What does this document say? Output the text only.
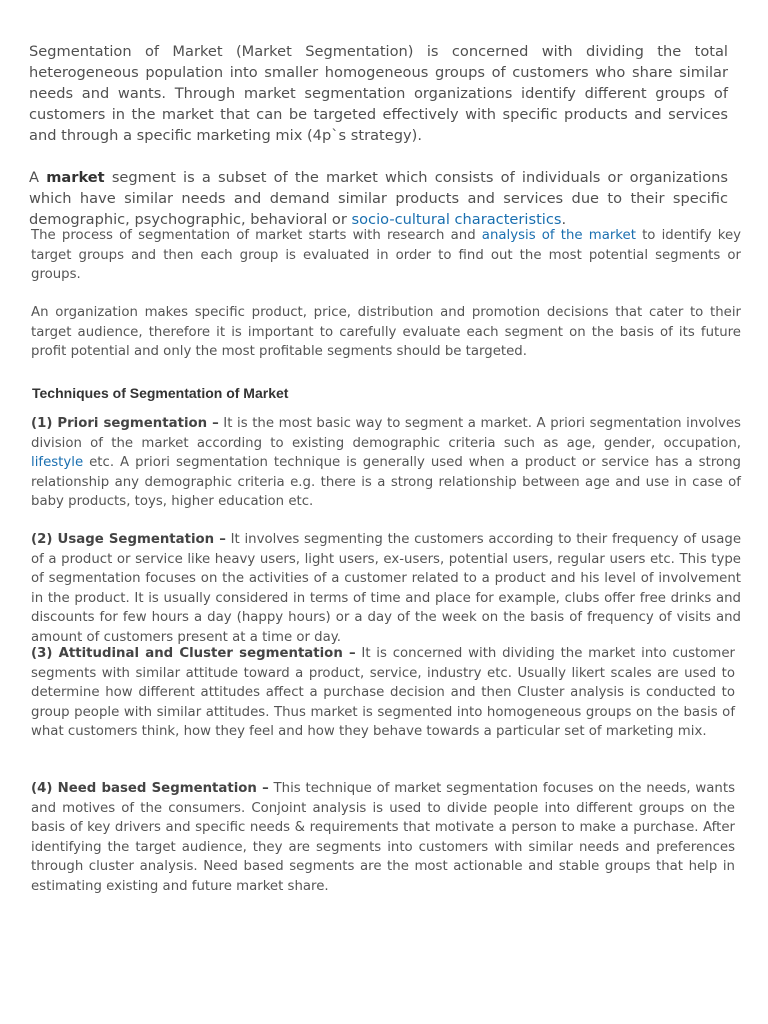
Segmentation of Market (Market Segmentation) is concerned with dividing the total heterogeneous population into smaller homogeneous groups of customers who share similar needs and wants. Through market segmentation organizations identify different groups of customers in the market that can be targeted effectively with specific products and services and through a specific marketing mix (4p`s strategy).

A market segment is a subset of the market which consists of individuals or organizations which have similar needs and demand similar products and services due to their specific demographic, psychographic, behavioral or socio-cultural characteristics.

The process of segmentation of market starts with research and analysis of the market to identify key target groups and then each group is evaluated in order to find out the most potential segments or groups.

An organization makes specific product, price, distribution and promotion decisions that cater to their target audience, therefore it is important to carefully evaluate each segment on the basis of its future profit potential and only the most profitable segments should be targeted.

Techniques of Segmentation of Market

(1) Priori segmentation – It is the most basic way to segment a market. A priori segmentation involves division of the market according to existing demographic criteria such as age, gender, occupation, lifestyle etc. A priori segmentation technique is generally used when a product or service has a strong relationship any demographic criteria e.g. there is a strong relationship between age and use in case of baby products, toys, higher education etc.

(2) Usage Segmentation – It involves segmenting the customers according to their frequency of usage of a product or service like heavy users, light users, ex-users, potential users, regular users etc. This type of segmentation focuses on the activities of a customer related to a product and his level of involvement in the product. It is usually considered in terms of time and place for example, clubs offer free drinks and discounts for few hours a day (happy hours) or a day of the week on the basis of frequency of visits and amount of customers present at a time or day.

(3) Attitudinal and Cluster segmentation – It is concerned with dividing the market into customer segments with similar attitude toward a product, service, industry etc. Usually likert scales are used to determine how different attitudes affect a purchase decision and then Cluster analysis is conducted to group people with similar attitudes. Thus market is segmented into homogeneous groups on the basis of what customers think, how they feel and how they behave towards a particular set of marketing mix.

(4) Need based Segmentation – This technique of market segmentation focuses on the needs, wants and motives of the consumers. Conjoint analysis is used to divide people into different groups on the basis of key drivers and specific needs & requirements that motivate a person to make a purchase. After identifying the target audience, they are segments into customers with similar needs and preferences through cluster analysis. Need based segments are the most actionable and stable groups that help in estimating existing and future market share.
